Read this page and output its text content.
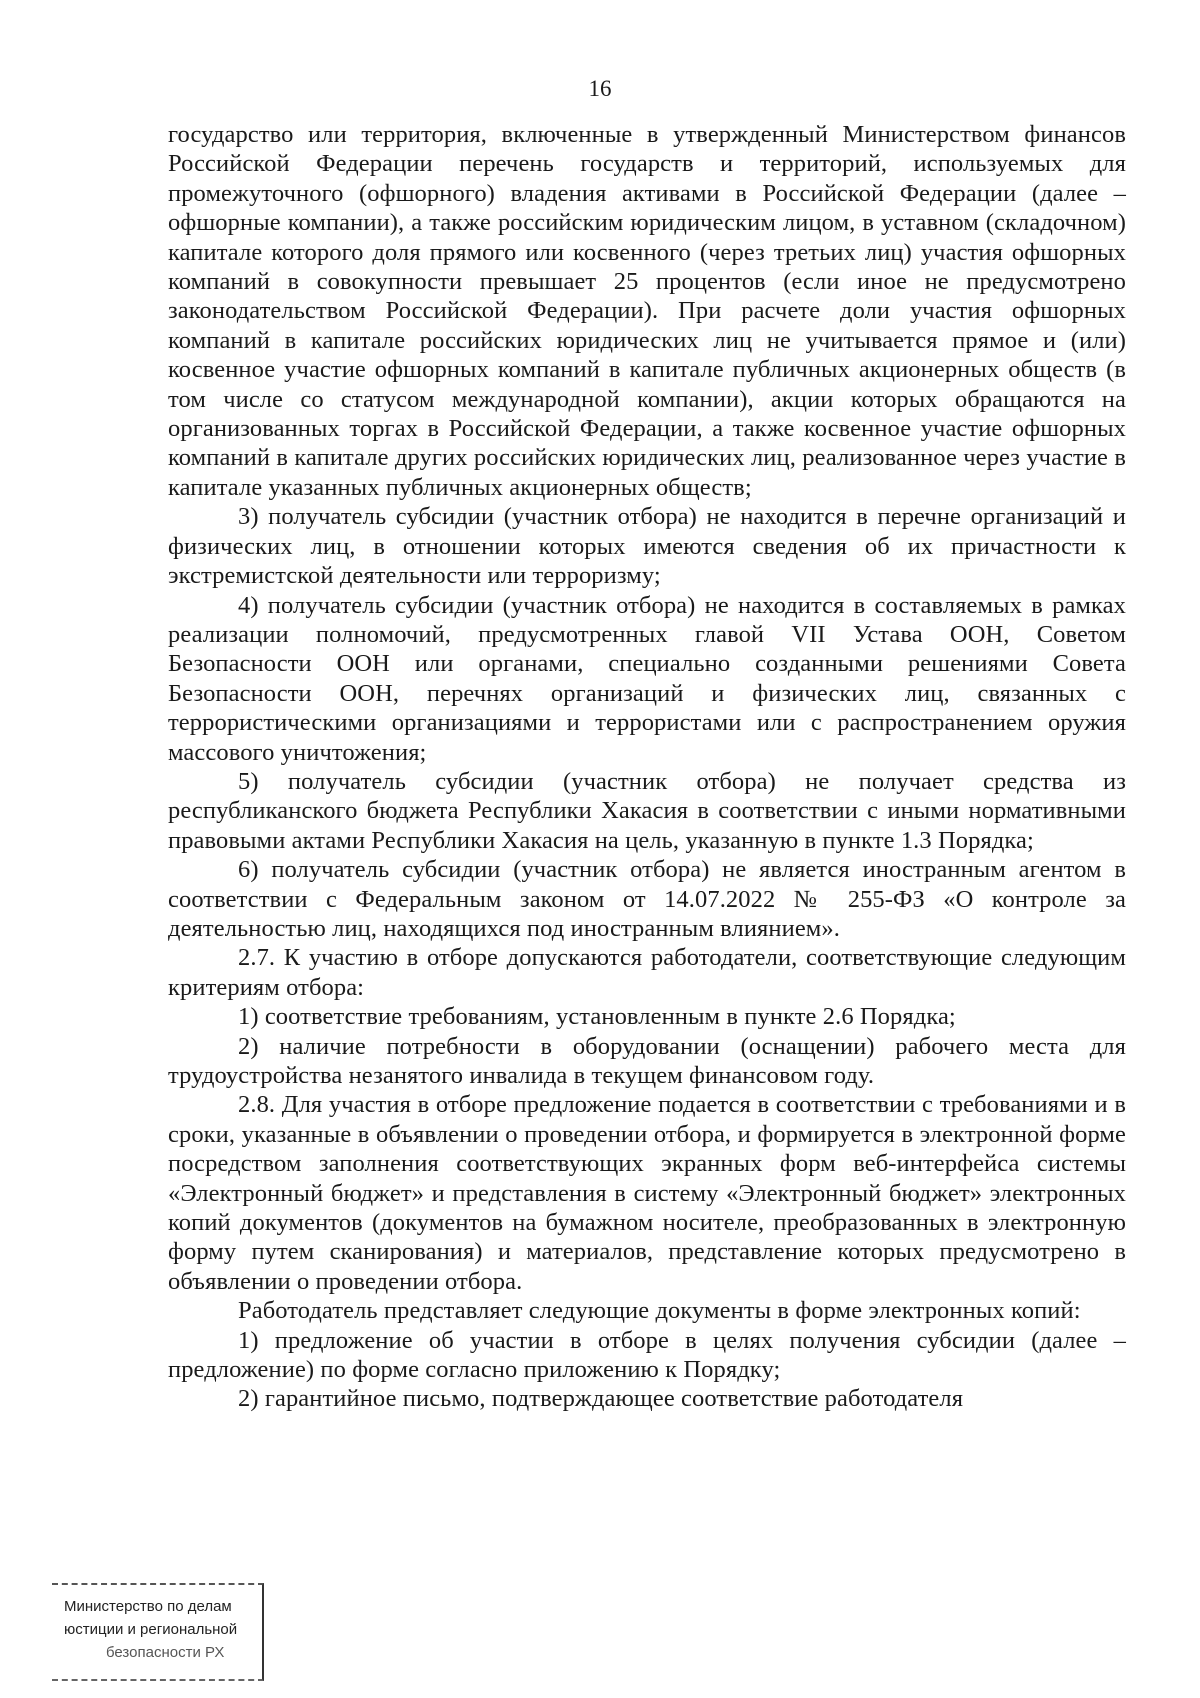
16

государство или территория, включенные в утвержденный Министерством финансов Российской Федерации перечень государств и территорий, используемых для промежуточного (офшорного) владения активами в Российской Федерации (далее – офшорные компании), а также российским юридическим лицом, в уставном (складочном) капитале которого доля прямого или косвенного (через третьих лиц) участия офшорных компаний в совокупности превышает 25 процентов (если иное не предусмотрено законодательством Российской Федерации). При расчете доли участия офшорных компаний в капитале российских юридических лиц не учитывается прямое и (или) косвенное участие офшорных компаний в капитале публичных акционерных обществ (в том числе со статусом международной компании), акции которых обращаются на организованных торгах в Российской Федерации, а также косвенное участие офшорных компаний в капитале других российских юридических лиц, реализованное через участие в капитале указанных публичных акционерных обществ;

3) получатель субсидии (участник отбора) не находится в перечне организаций и физических лиц, в отношении которых имеются сведения об их причастности к экстремистской деятельности или терроризму;

4) получатель субсидии (участник отбора) не находится в составляемых в рамках реализации полномочий, предусмотренных главой VII Устава ООН, Советом Безопасности ООН или органами, специально созданными решениями Совета Безопасности ООН, перечнях организаций и физических лиц, связанных с террористическими организациями и террористами или с распространением оружия массового уничтожения;

5) получатель субсидии (участник отбора) не получает средства из республиканского бюджета Республики Хакасия в соответствии с иными нормативными правовыми актами Республики Хакасия на цель, указанную в пункте 1.3 Порядка;

6) получатель субсидии (участник отбора) не является иностранным агентом в соответствии с Федеральным законом от 14.07.2022 № 255-ФЗ «О контроле за деятельностью лиц, находящихся под иностранным влиянием».

2.7. К участию в отборе допускаются работодатели, соответствующие следующим критериям отбора:

1) соответствие требованиям, установленным в пункте 2.6 Порядка;

2) наличие потребности в оборудовании (оснащении) рабочего места для трудоустройства незанятого инвалида в текущем финансовом году.

2.8. Для участия в отборе предложение подается в соответствии с требованиями и в сроки, указанные в объявлении о проведении отбора, и формируется в электронной форме посредством заполнения соответствующих экранных форм веб-интерфейса системы «Электронный бюджет» и представления в систему «Электронный бюджет» электронных копий документов (документов на бумажном носителе, преобразованных в электронную форму путем сканирования) и материалов, представление которых предусмотрено в объявлении о проведении отбора.

Работодатель представляет следующие документы в форме электронных копий:

1) предложение об участии в отборе в целях получения субсидии (далее – предложение) по форме согласно приложению к Порядку;

2) гарантийное письмо, подтверждающее соответствие работодателя

Министерство по делам
юстиции и региональной
безопасности РХ
